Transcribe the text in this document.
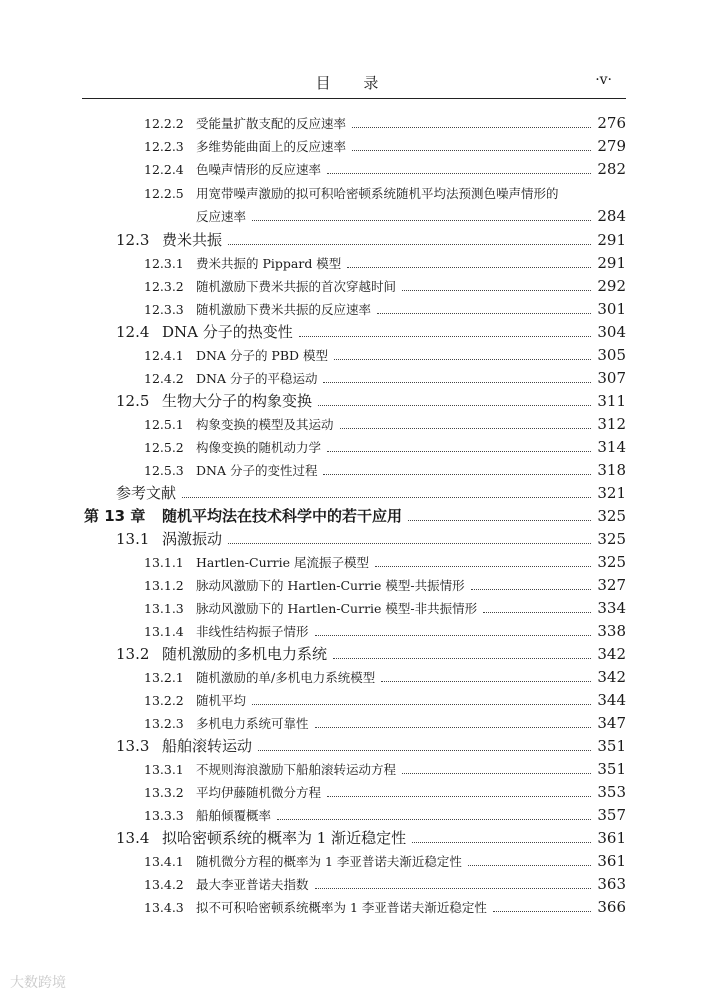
目 录	·v·
12.2.2 受能量扩散支配的反应速率	276
12.2.3 多维势能曲面上的反应速率	279
12.2.4 色噪声情形的反应速率	282
12.2.5 用宽带噪声激励的拟可积哈密顿系统随机平均法预测色噪声情形的
反应速率	284
12.3 费米共振	291
12.3.1 费米共振的 Pippard 模型	291
12.3.2 随机激励下费米共振的首次穿越时间	292
12.3.3 随机激励下费米共振的反应速率	301
12.4 DNA 分子的热变性	304
12.4.1 DNA 分子的 PBD 模型	305
12.4.2 DNA 分子的平稳运动	307
12.5 生物大分子的构象变换	311
12.5.1 构象变换的模型及其运动	312
12.5.2 构像变换的随机动力学	314
12.5.3 DNA 分子的变性过程	318
参考文献	321
第 13 章	随机平均法在技术科学中的若干应用	325
13.1 涡激振动	325
13.1.1 Hartlen-Currie 尾流振子模型	325
13.1.2 脉动风激励下的 Hartlen-Currie 模型-共振情形	327
13.1.3 脉动风激励下的 Hartlen-Currie 模型-非共振情形	334
13.1.4 非线性结构振子情形	338
13.2 随机激励的多机电力系统	342
13.2.1 随机激励的单/多机电力系统模型	342
13.2.2 随机平均	344
13.2.3 多机电力系统可靠性	347
13.3 船舶滚转运动	351
13.3.1 不规则海浪激励下船舶滚转运动方程	351
13.3.2 平均伊藤随机微分方程	353
13.3.3 船舶倾覆概率	357
13.4 拟哈密顿系统的概率为 1 渐近稳定性	361
13.4.1 随机微分方程的概率为 1 李亚普诺夫渐近稳定性	361
13.4.2 最大李亚普诺夫指数	363
13.4.3 拟不可积哈密顿系统概率为 1 李亚普诺夫渐近稳定性	366
大数跨境
